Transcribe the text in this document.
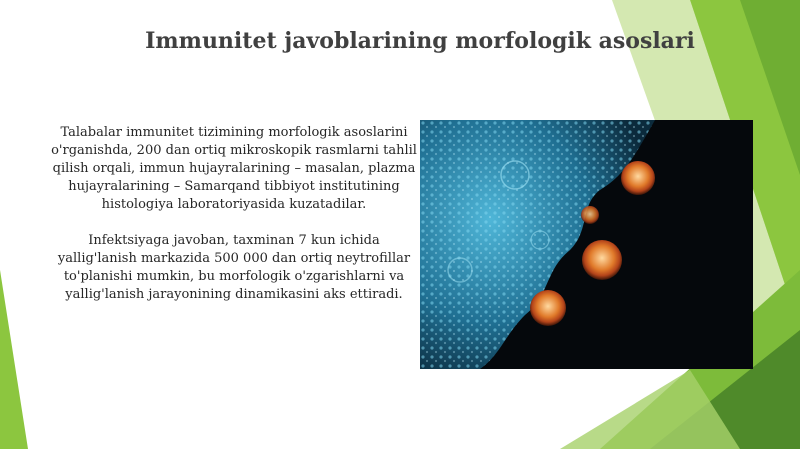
Immunitet javoblarining morfologik asoslari

Talabalar immunitet tizimining morfologik asoslarini o'rganishda, 200 dan ortiq mikroskopik rasmlarni tahlil qilish orqali, immun hujayralarining – masalan, plazma hujayralarining – Samarqand tibbiyot institutining histologiya laboratoriyasida kuzatadilar.

Infektsiyaga javoban, taxminan 7 kun ichida yallig'lanish markazida 500 000 dan ortiq neytrofillar to'planishi mumkin, bu morfologik o'zgarishlarni va yallig'lanish jarayonining dinamikasini aks ettiradi.
